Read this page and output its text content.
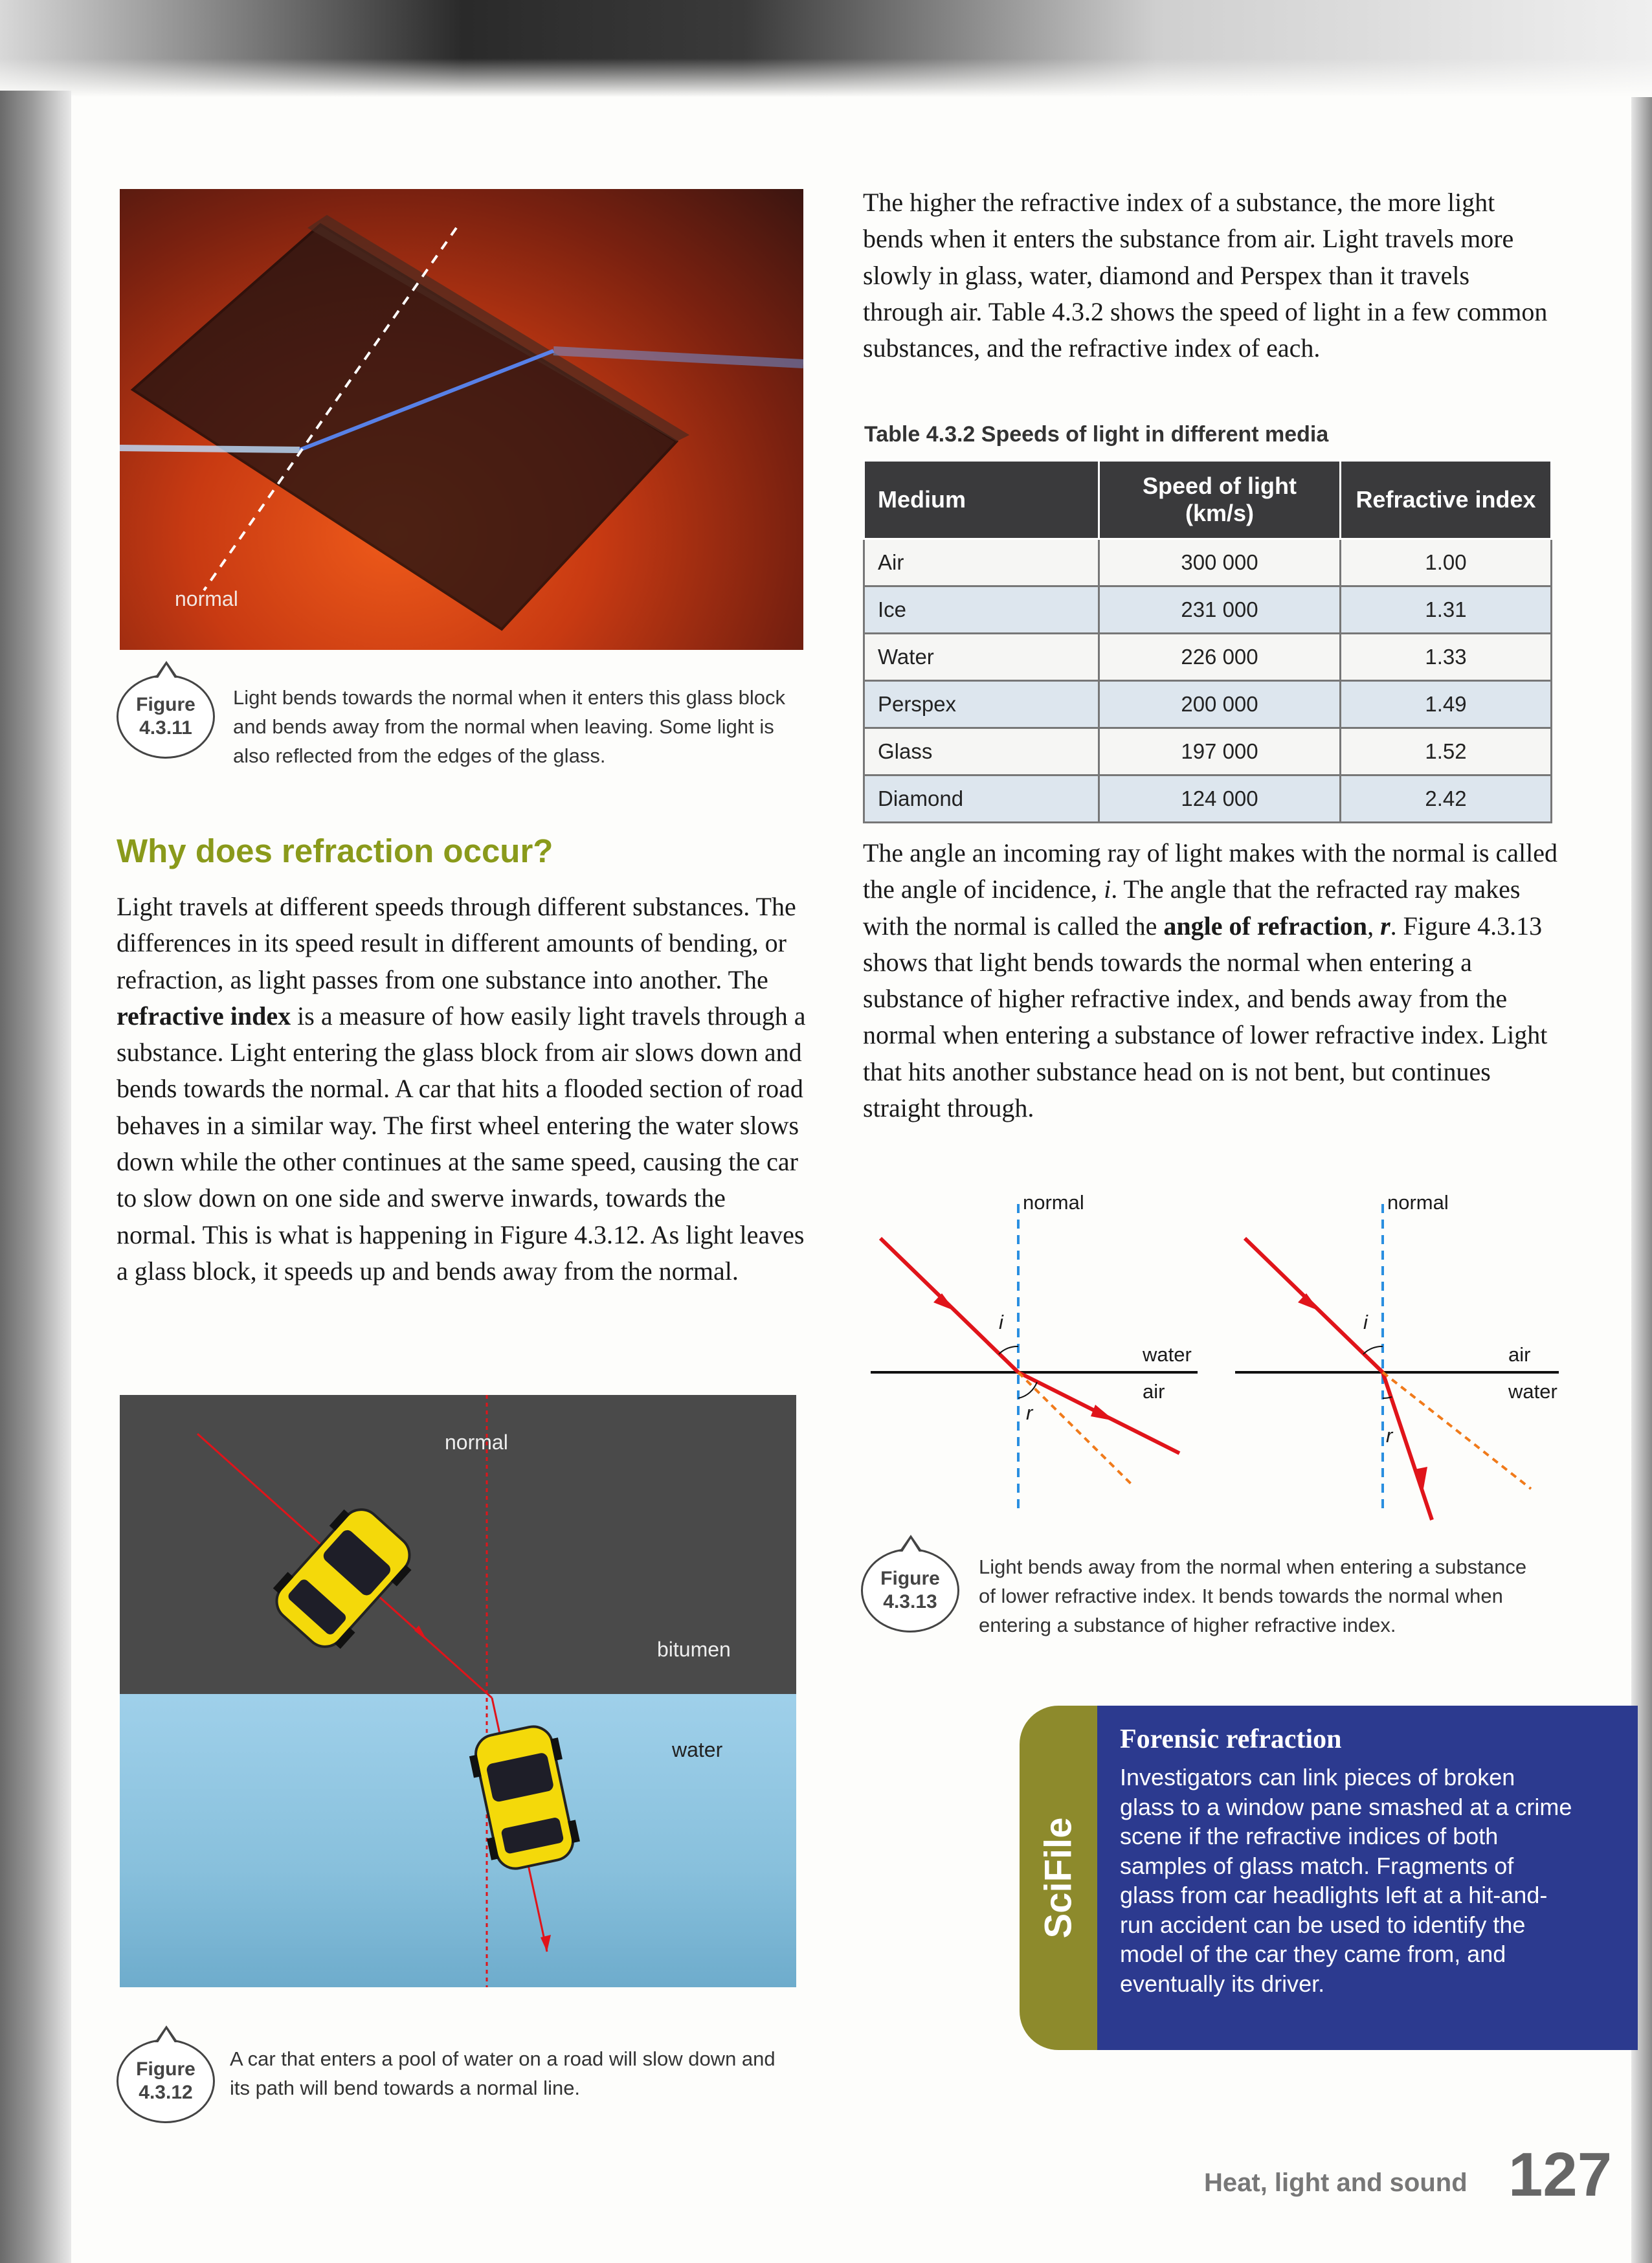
normal
Figure
4.3.11
Light bends towards the normal when it enters this glass block and bends away from the normal when leaving. Some light is also reflected from the edges of the glass.
Why does refraction occur?

Light travels at different speeds through different substances. The differences in its speed result in different amounts of bending, or refraction, as light passes from one substance into another. The refractive index is a measure of how easily light travels through a substance. Light entering the glass block from air slows down and bends towards the normal. A car that hits a flooded section of road behaves in a similar way. The first wheel entering the water slows down while the other continues at the same speed, causing the car to slow down on one side and swerve inwards, towards the normal. This is what is happening in Figure 4.3.12. As light leaves a glass block, it speeds up and bends away from the normal.

normal
bitumen
water
Figure
4.3.12
A car that enters a pool of water on a road will slow down and its path will bend towards a normal line.
The higher the refractive index of a substance, the more light bends when it enters the substance from air. Light travels more slowly in glass, water, diamond and Perspex than it travels through air. Table 4.3.2 shows the speed of light in a few common substances, and the refractive index of each.
Table 4.3.2 Speeds of light in different media
Medium	Speed of light (km/s)	Refractive index
Air	300 000	1.00
Ice	231 000	1.31
Water	226 000	1.33
Perspex	200 000	1.49
Glass	197 000	1.52
Diamond	124 000	2.42

The angle an incoming ray of light makes with the normal is called the angle of incidence, i. The angle that the refracted ray makes with the normal is called the angle of refraction, r. Figure 4.3.13 shows that light bends towards the normal when entering a substance of higher refractive index, and bends away from the normal when entering a substance of lower refractive index. Light that hits another substance head on is not bent, but continues straight through.

normal
i
r
water
air
normal
i
r
air
water
Figure
4.3.13
Light bends away from the normal when entering a substance of lower refractive index. It bends towards the normal when entering a substance of higher refractive index.
SciFile
Forensic refraction
Investigators can link pieces of broken glass to a window pane smashed at a crime scene if the refractive indices of both samples of glass match. Fragments of glass from car headlights left at a hit-and-run accident can be used to identify the model of the car they came from, and eventually its driver.
Heat, light and sound 127
